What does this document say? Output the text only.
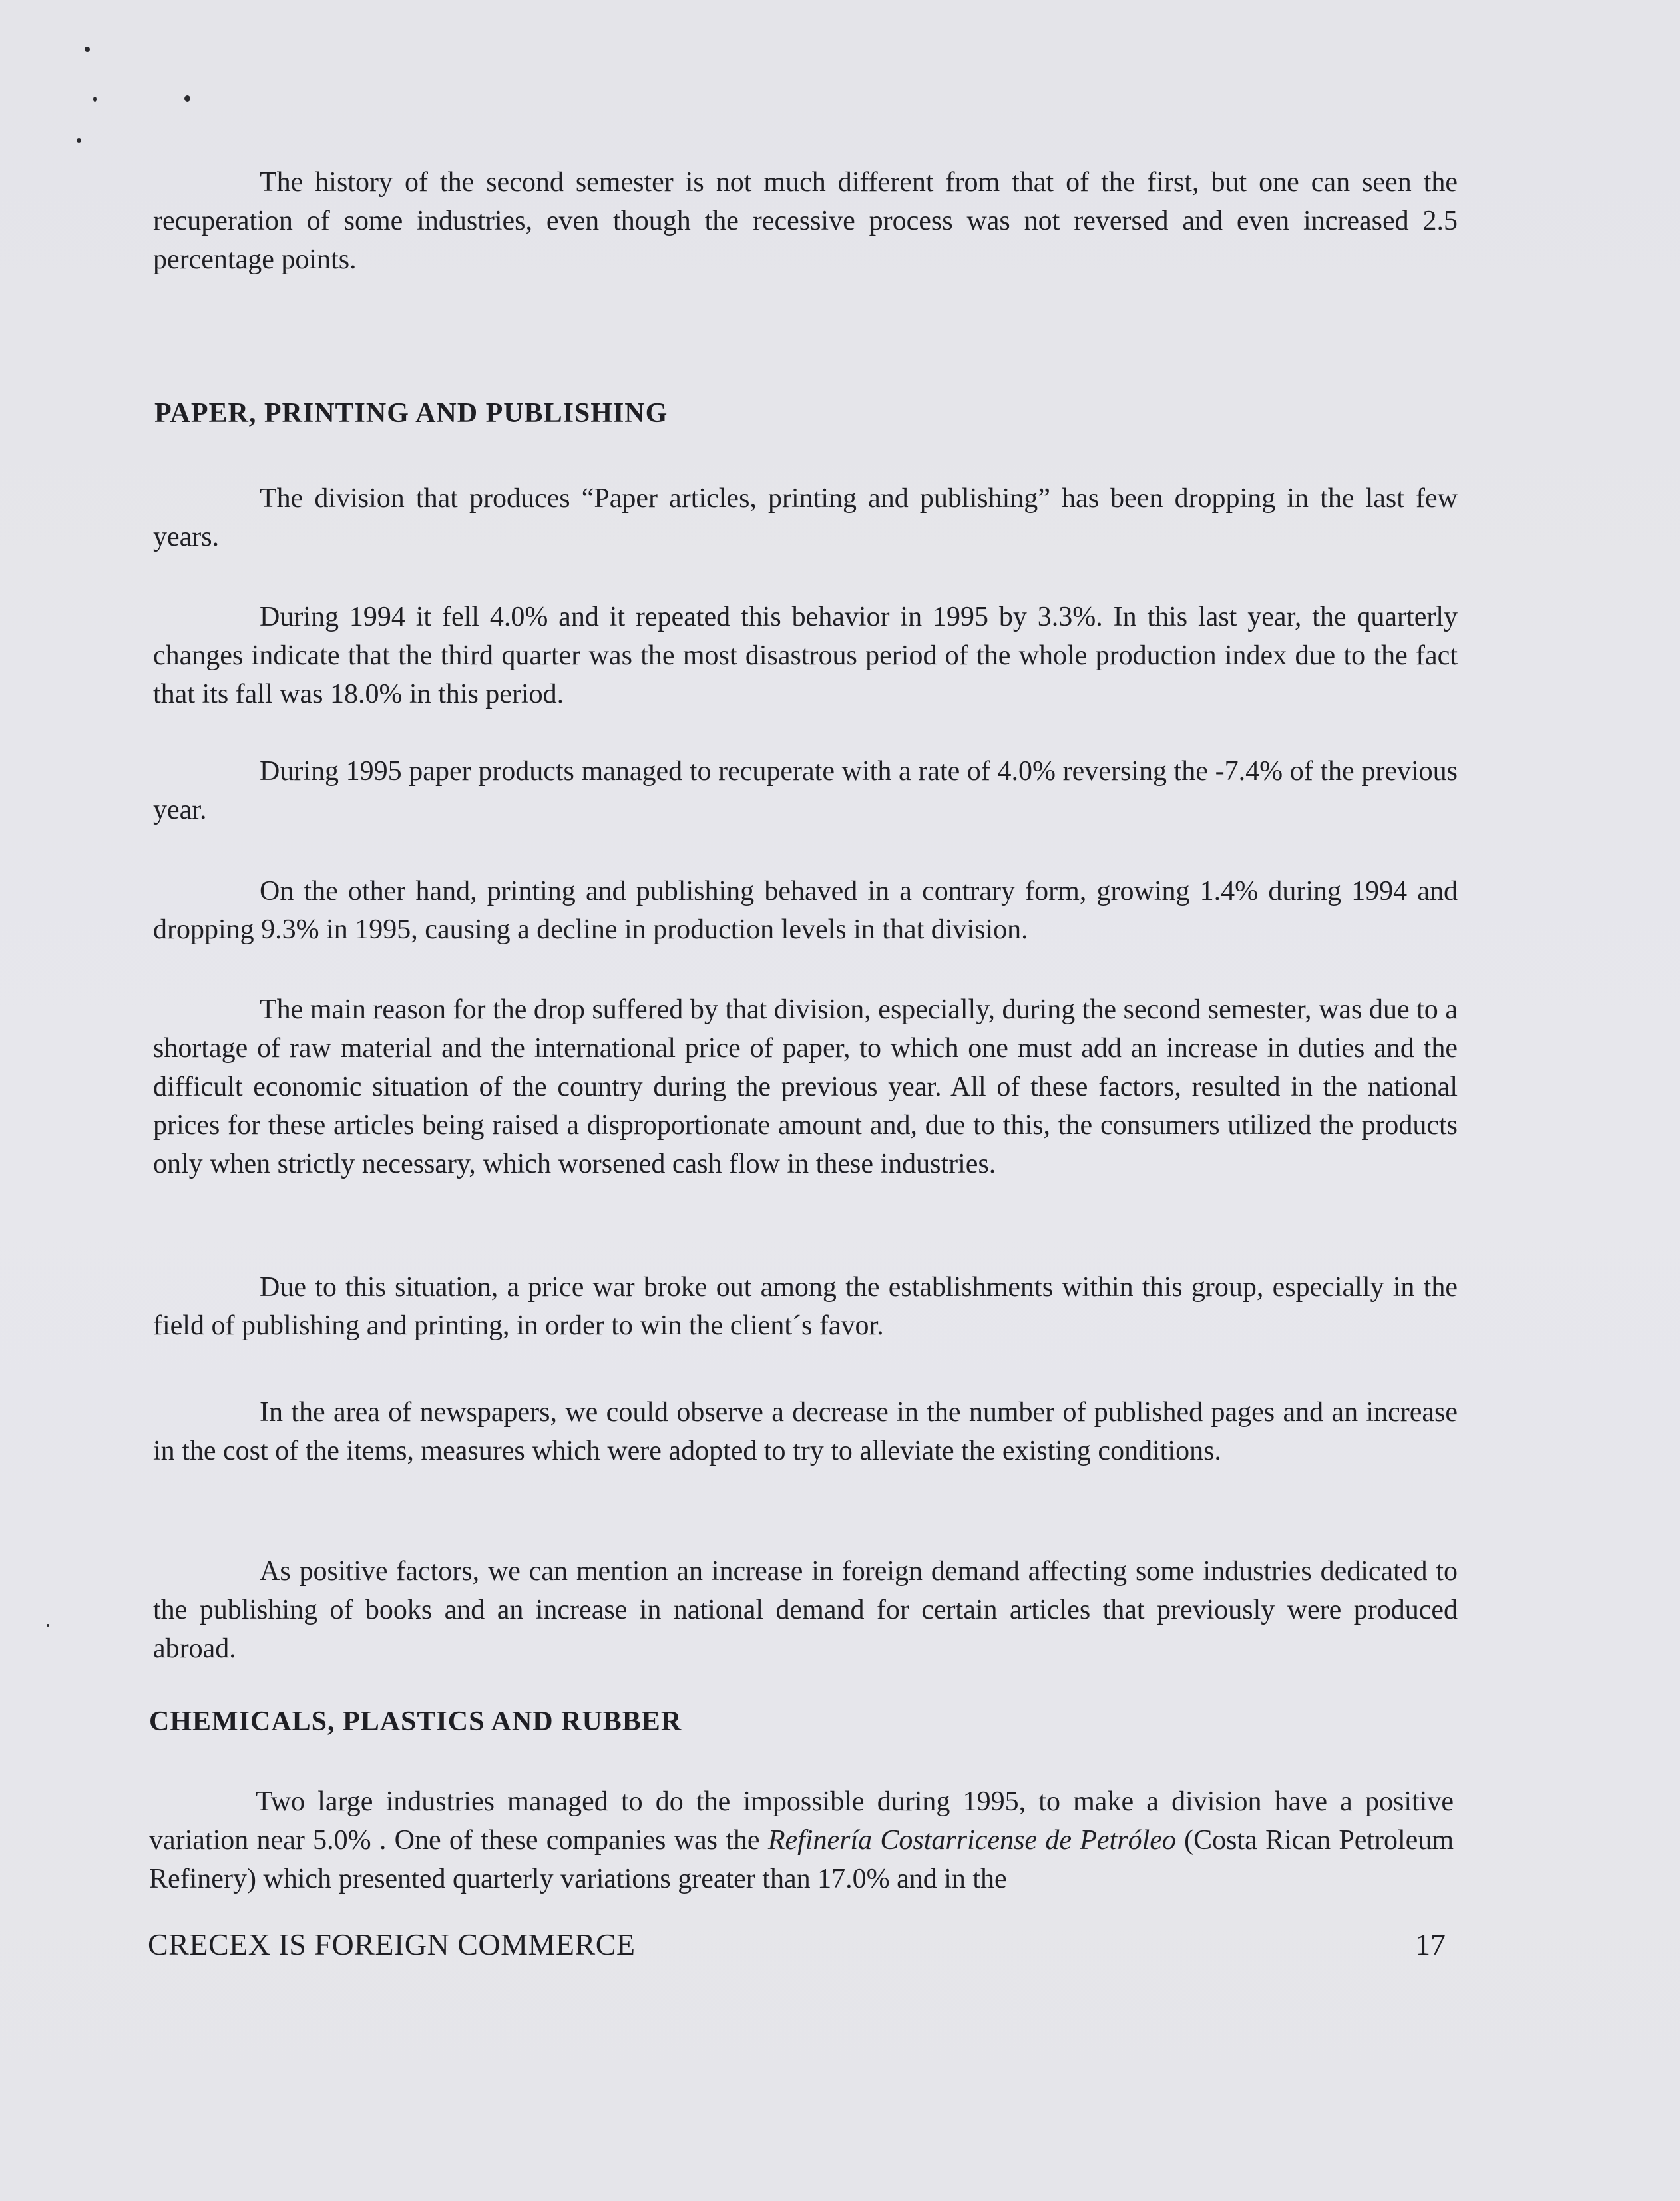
The history of the second semester is not much different from that of the first, but one can seen the recuperation of some industries, even though the recessive process was not reversed and even increased 2.5 percentage points.
PAPER, PRINTING AND PUBLISHING
The division that produces “Paper articles, printing and publishing” has been dropping in the last few years.
During 1994 it fell 4.0% and it repeated this behavior in 1995 by 3.3%. In this last year, the quarterly changes indicate that the third quarter was the most disastrous period of the whole production index due to the fact that its fall was 18.0% in this period.
During 1995 paper products managed to recuperate with a rate of 4.0% reversing the -7.4% of the previous year.
On the other hand, printing and publishing behaved in a contrary form, growing 1.4% during 1994 and dropping 9.3% in 1995, causing a decline in production levels in that division.
The main reason for the drop suffered by that division, especially, during the second semester, was due to a shortage of raw material and the international price of paper, to which one must add an increase in duties and the difficult economic situation of the country during the previous year. All of these factors, resulted in the national prices for these articles being raised a disproportionate amount and, due to this, the consumers utilized the products only when strictly necessary, which worsened cash flow in these industries.
Due to this situation, a price war broke out among the establishments within this group, especially in the field of publishing and printing, in order to win the client´s favor.
In the area of newspapers, we could observe a decrease in the number of published pages and an increase in the cost of the items, measures which were adopted to try to alleviate the existing conditions.
As positive factors, we can mention an increase in foreign demand affecting some industries dedicated to the publishing of books and an increase in national demand for certain articles that previously were produced abroad.
CHEMICALS, PLASTICS AND RUBBER
Two large industries managed to do the impossible during 1995, to make a division have a positive variation near 5.0% . One of these companies was the Refinería Costarricense de Petróleo (Costa Rican Petroleum Refinery) which presented quarterly variations greater than 17.0% and in the
CRECEX IS FOREIGN COMMERCE	17
